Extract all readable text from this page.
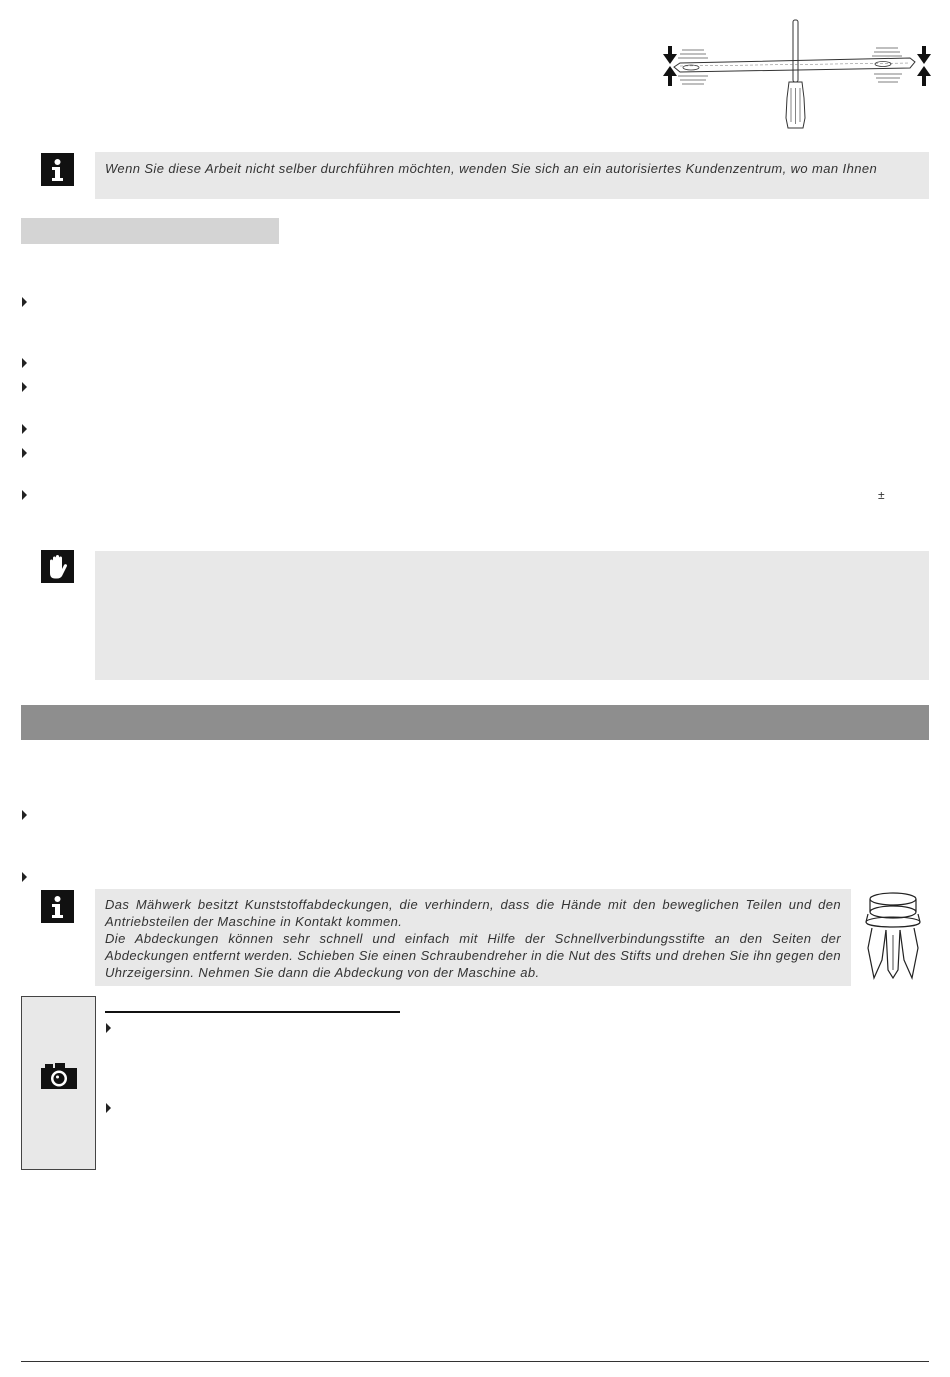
Wenn Sie diese Arbeit nicht selber durchführen möchten, wenden Sie sich an ein autorisiertes Kundenzentrum, wo man Ihnen
±
Das Mähwerk besitzt Kunststoffabdeckungen, die verhindern, dass die Hände mit den beweglichen Teilen und den Antriebsteilen der Maschine in Kontakt kommen.
Die Abdeckungen können sehr schnell und einfach mit Hilfe der Schnellverbindungsstifte an den Seiten der Abdeckungen entfernt werden. Schieben Sie einen Schraubendreher in die Nut des Stifts und drehen Sie ihn gegen den Uhrzeigersinn. Nehmen Sie dann die Abdeckung von der Maschine ab.
